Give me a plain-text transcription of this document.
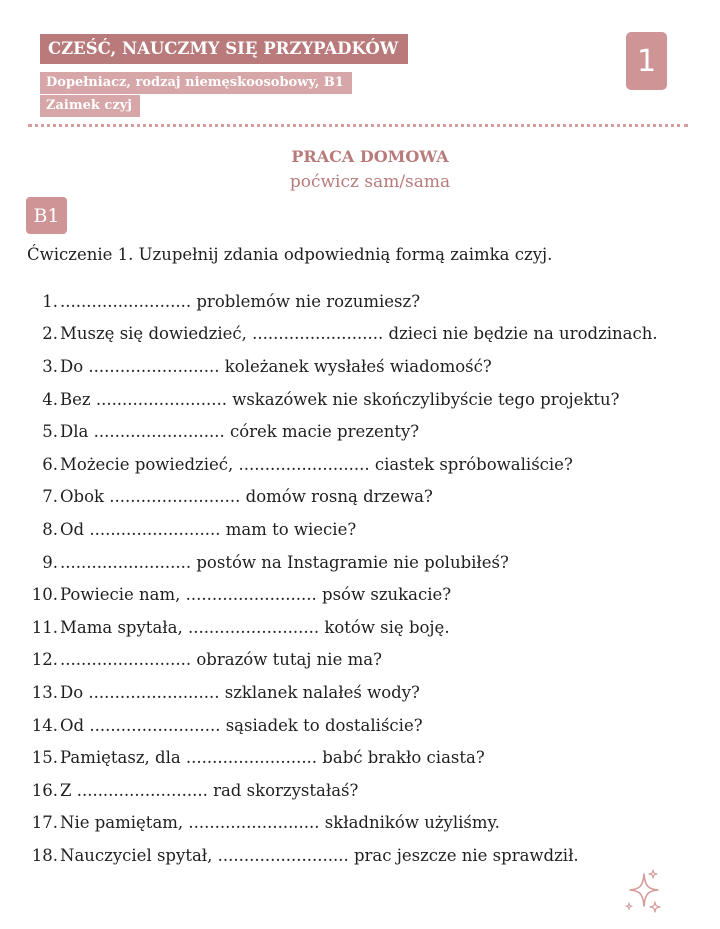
CZEŚĆ, NAUCZMY SIĘ PRZYPADKÓW
Dopełniacz, rodzaj niemęskoosobowy, B1
Zaimek czyj
1
PRACA DOMOWA
poćwicz sam/sama
B1
Ćwiczenie 1. Uzupełnij zdania odpowiednią formą zaimka czyj.
1. ......................... problemów nie rozumiesz?
2. Muszę się dowiedzieć, ......................... dzieci nie będzie na urodzinach.
3. Do ......................... koleżanek wysłałeś wiadomość?
4. Bez ......................... wskazówek nie skończylibyście tego projektu?
5. Dla ......................... córek macie prezenty?
6. Możecie powiedzieć, ......................... ciastek spróbowaliście?
7. Obok ......................... domów rosną drzewa?
8. Od ......................... mam to wiecie?
9. ......................... postów na Instagramie nie polubiłeś?
10. Powiecie nam, ......................... psów szukacie?
11. Mama spytała, ......................... kotów się boję.
12. ......................... obrazów tutaj nie ma?
13. Do ......................... szklanek nalałeś wody?
14. Od ......................... sąsiadek to dostaliście?
15. Pamiętasz, dla ......................... babć brakło ciasta?
16. Z ......................... rad skorzystałaś?
17. Nie pamiętam, ......................... składników użyliśmy.
18. Nauczyciel spytał, ......................... prac jeszcze nie sprawdził.
